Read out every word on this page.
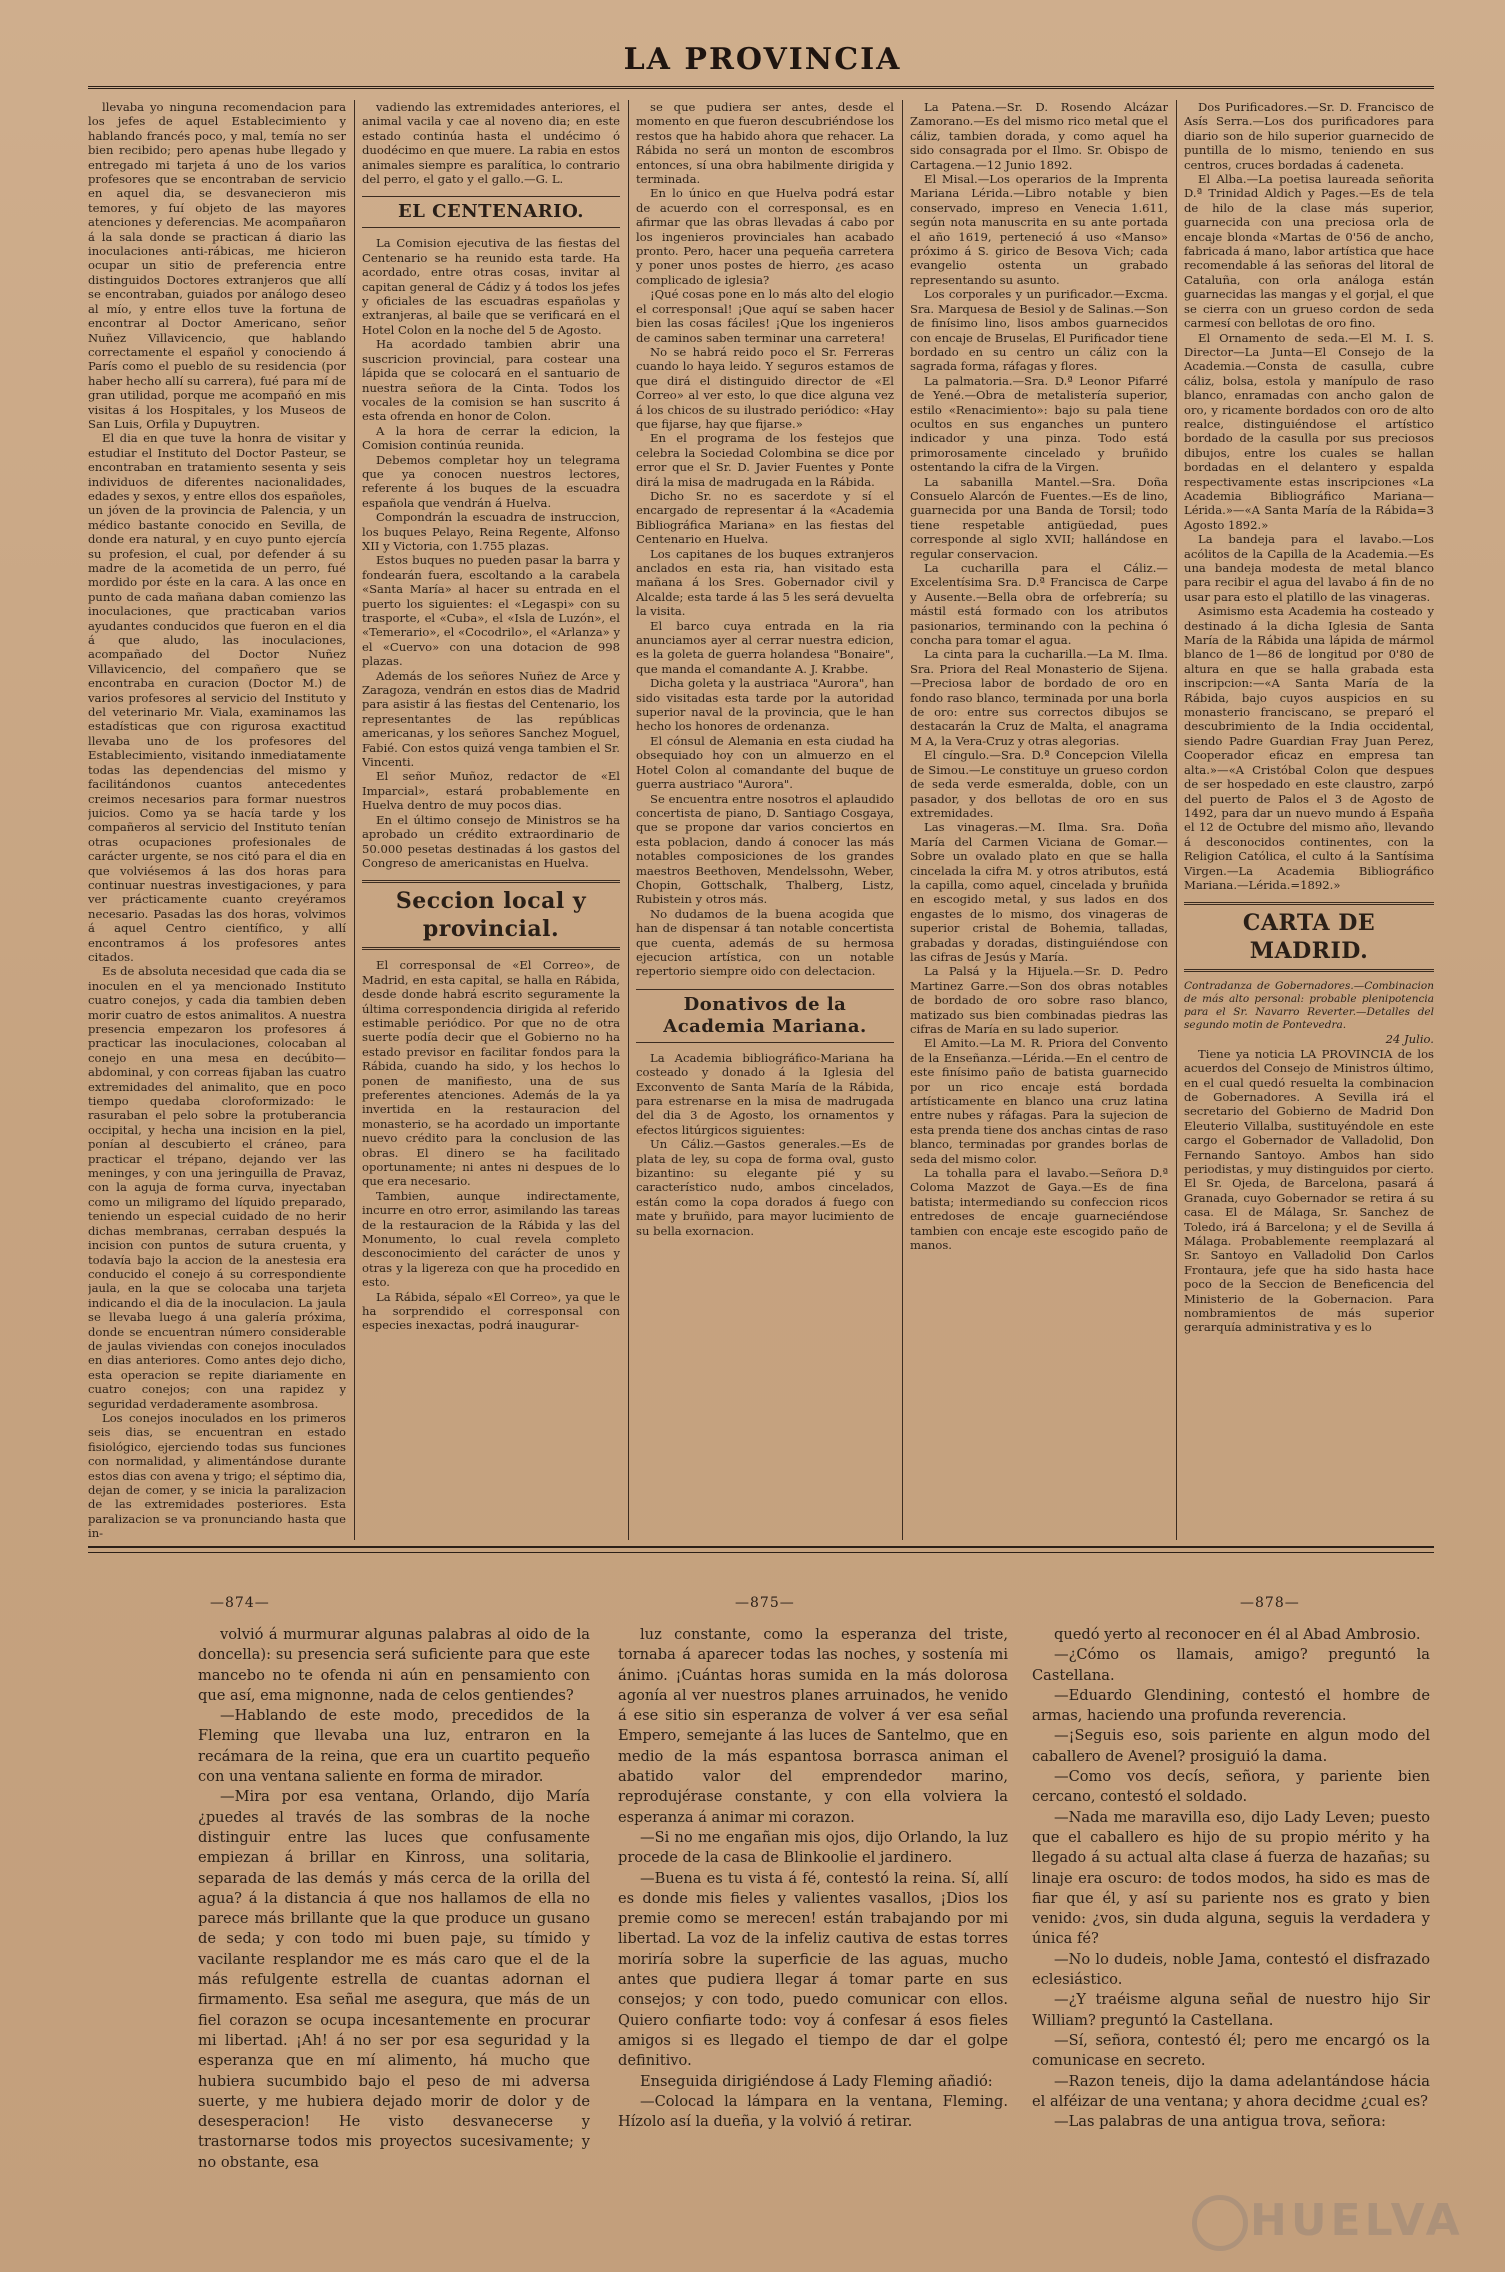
LA PROVINCIA

llevaba yo ninguna recomendacion para los jefes de aquel Establecimiento y hablando francés poco, y mal, temía no ser bien recibido; pero apenas hube llegado y entregado mi tarjeta á uno de los varios profesores que se encontraban de servicio en aquel dia, se desvanecieron mis temores, y fuí objeto de las mayores atenciones y deferencias. Me acompañaron á la sala donde se practican á diario las inoculaciones anti-rábicas, me hicieron ocupar un sitio de preferencia entre distinguidos Doctores extranjeros que allí se encontraban, guiados por análogo deseo al mío, y entre ellos tuve la fortuna de encontrar al Doctor Americano, señor Nuñez Villavicencio, que hablando correctamente el español y conociendo á París como el pueblo de su residencia (por haber hecho allí su carrera), fué para mí de gran utilidad, porque me acompañó en mis visitas á los Hospitales, y los Museos de San Luis, Orfila y Dupuytren.

El dia en que tuve la honra de visitar y estudiar el Instituto del Doctor Pasteur, se encontraban en tratamiento sesenta y seis individuos de diferentes nacionalidades, edades y sexos, y entre ellos dos españoles, un jóven de la provincia de Palencia, y un médico bastante conocido en Sevilla, de donde era natural, y en cuyo punto ejercía su profesion, el cual, por defender á su madre de la acometida de un perro, fué mordido por éste en la cara. A las once en punto de cada mañana daban comienzo las inoculaciones, que practicaban varios ayudantes conducidos que fueron en el dia á que aludo, las inoculaciones, acompañado del Doctor Nuñez Villavicencio, del compañero que se encontraba en curacion (Doctor M.) de varios profesores al servicio del Instituto y del veterinario Mr. Viala, examinamos las estadísticas que con rigurosa exactitud llevaba uno de los profesores del Establecimiento, visitando inmediatamente todas las dependencias del mismo y facilitándonos cuantos antecedentes creimos necesarios para formar nuestros juicios. Como ya se hacía tarde y los compañeros al servicio del Instituto tenían otras ocupaciones profesionales de carácter urgente, se nos citó para el dia en que volviésemos á las dos horas para continuar nuestras investigaciones, y para ver prácticamente cuanto creyéramos necesario. Pasadas las dos horas, volvimos á aquel Centro científico, y allí encontramos á los profesores antes citados.

Es de absoluta necesidad que cada dia se inoculen en el ya mencionado Instituto cuatro conejos, y cada dia tambien deben morir cuatro de estos animalitos. A nuestra presencia empezaron los profesores á practicar las inoculaciones, colocaban al conejo en una mesa en decúbito—abdominal, y con correas fijaban las cuatro extremidades del animalito, que en poco tiempo quedaba cloroformizado: le rasuraban el pelo sobre la protuberancia occipital, y hecha una incision en la piel, ponían al descubierto el cráneo, para practicar el trépano, dejando ver las meninges, y con una jeringuilla de Pravaz, con la aguja de forma curva, inyectaban como un miligramo del líquido preparado, teniendo un especial cuidado de no herir dichas membranas, cerraban después la incision con puntos de sutura cruenta, y todavía bajo la accion de la anestesia era conducido el conejo á su correspondiente jaula, en la que se colocaba una tarjeta indicando el dia de la inoculacion. La jaula se llevaba luego á una galería próxima, donde se encuentran número considerable de jaulas viviendas con conejos inoculados en dias anteriores. Como antes dejo dicho, esta operacion se repite diariamente en cuatro conejos; con una rapidez y seguridad verdaderamente asombrosa.

Los conejos inoculados en los primeros seis dias, se encuentran en estado fisiológico, ejerciendo todas sus funciones con normalidad, y alimentándose durante estos dias con avena y trigo; el séptimo dia, dejan de comer, y se inicia la paralizacion de las extremidades posteriores. Esta paralizacion se va pronunciando hasta que in-

vadiendo las extremidades anteriores, el animal vacila y cae al noveno dia; en este estado continúa hasta el undécimo ó duodécimo en que muere. La rabia en estos animales siempre es paralítica, lo contrario del perro, el gato y el gallo.—G. L.

EL CENTENARIO.

La Comision ejecutiva de las fiestas del Centenario se ha reunido esta tarde. Ha acordado, entre otras cosas, invitar al capitan general de Cádiz y á todos los jefes y oficiales de las escuadras españolas y extranjeras, al baile que se verificará en el Hotel Colon en la noche del 5 de Agosto.

Ha acordado tambien abrir una suscricion provincial, para costear una lápida que se colocará en el santuario de nuestra señora de la Cinta. Todos los vocales de la comision se han suscrito á esta ofrenda en honor de Colon.

A la hora de cerrar la edicion, la Comision continúa reunida.

Debemos completar hoy un telegrama que ya conocen nuestros lectores, referente á los buques de la escuadra española que vendrán á Huelva.

Compondrán la escuadra de instruccion, los buques Pelayo, Reina Regente, Alfonso XII y Victoria, con 1.755 plazas.

Estos buques no pueden pasar la barra y fondearán fuera, escoltando a la carabela «Santa María» al hacer su entrada en el puerto los siguientes: el «Legaspi» con su trasporte, el «Cuba», el «Isla de Luzón», el «Temerario», el «Cocodrilo», el «Arlanza» y el «Cuervo» con una dotacion de 998 plazas.

Además de los señores Nuñez de Arce y Zaragoza, vendrán en estos dias de Madrid para asistir á las fiestas del Centenario, los representantes de las repúblicas americanas, y los señores Sanchez Moguel, Fabié. Con estos quizá venga tambien el Sr. Vincenti.

El señor Muñoz, redactor de «El Imparcial», estará probablemente en Huelva dentro de muy pocos dias.

En el último consejo de Ministros se ha aprobado un crédito extraordinario de 50.000 pesetas destinadas á los gastos del Congreso de americanistas en Huelva.

Seccion local y provincial.

El corresponsal de «El Correo», de Madrid, en esta capital, se halla en Rábida, desde donde habrá escrito seguramente la última correspondencia dirigida al referido estimable periódico. Por que no de otra suerte podía decir que el Gobierno no ha estado previsor en facilitar fondos para la Rábida, cuando ha sido, y los hechos lo ponen de manifiesto, una de sus preferentes atenciones. Además de la ya invertida en la restauracion del monasterio, se ha acordado un importante nuevo crédito para la conclusion de las obras. El dinero se ha facilitado oportunamente; ni antes ni despues de lo que era necesario.

Tambien, aunque indirectamente, incurre en otro error, asimilando las tareas de la restauracion de la Rábida y las del Monumento, lo cual revela completo desconocimiento del carácter de unos y otras y la ligereza con que ha procedido en esto.

La Rábida, sépalo «El Correo», ya que le ha sorprendido el corresponsal con especies inexactas, podrá inaugurar-

se que pudiera ser antes, desde el momento en que fueron descubriéndose los restos que ha habido ahora que rehacer. La Rábida no será un monton de escombros entonces, sí una obra habilmente dirigida y terminada.

En lo único en que Huelva podrá estar de acuerdo con el corresponsal, es en afirmar que las obras llevadas á cabo por los ingenieros provinciales han acabado pronto. Pero, hacer una pequeña carretera y poner unos postes de hierro, ¿es acaso complicado de iglesia?

¡Qué cosas pone en lo más alto del elogio el corresponsal! ¡Que aquí se saben hacer bien las cosas fáciles! ¡Que los ingenieros de caminos saben terminar una carretera!

No se habrá reido poco el Sr. Ferreras cuando lo haya leido. Y seguros estamos de que dirá el distinguido director de «El Correo» al ver esto, lo que dice alguna vez á los chicos de su ilustrado periódico: «Hay que fijarse, hay que fijarse.»

En el programa de los festejos que celebra la Sociedad Colombina se dice por error que el Sr. D. Javier Fuentes y Ponte dirá la misa de madrugada en la Rábida.

Dicho Sr. no es sacerdote y sí el encargado de representar á la «Academia Bibliográfica Mariana» en las fiestas del Centenario en Huelva.

Los capitanes de los buques extranjeros anclados en esta ria, han visitado esta mañana á los Sres. Gobernador civil y Alcalde; esta tarde á las 5 les será devuelta la visita.

El barco cuya entrada en la ria anunciamos ayer al cerrar nuestra edicion, es la goleta de guerra holandesa "Bonaire", que manda el comandante A. J. Krabbe.

Dicha goleta y la austriaca "Aurora", han sido visitadas esta tarde por la autoridad superior naval de la provincia, que le han hecho los honores de ordenanza.

El cónsul de Alemania en esta ciudad ha obsequiado hoy con un almuerzo en el Hotel Colon al comandante del buque de guerra austriaco "Aurora".

Se encuentra entre nosotros el aplaudido concertista de piano, D. Santiago Cosgaya, que se propone dar varios conciertos en esta poblacion, dando á conocer las más notables composiciones de los grandes maestros Beethoven, Mendelssohn, Weber, Chopin, Gottschalk, Thalberg, Listz, Rubistein y otros más.

No dudamos de la buena acogida que han de dispensar á tan notable concertista que cuenta, además de su hermosa ejecucion artística, con un notable repertorio siempre oido con delectacion.

Donativos de la Academia Mariana.

La Academia bibliográfico-Mariana ha costeado y donado á la Iglesia del Exconvento de Santa María de la Rábida, para estrenarse en la misa de madrugada del dia 3 de Agosto, los ornamentos y efectos litúrgicos siguientes:

Un Cáliz.—Gastos generales.—Es de plata de ley, su copa de forma oval, gusto bizantino: su elegante pié y su característico nudo, ambos cincelados, están como la copa dorados á fuego con mate y bruñido, para mayor lucimiento de su bella exornacion.

La Patena.—Sr. D. Rosendo Alcázar Zamorano.—Es del mismo rico metal que el cáliz, tambien dorada, y como aquel ha sido consagrada por el Ilmo. Sr. Obispo de Cartagena.—12 Junio 1892.

El Misal.—Los operarios de la Imprenta Mariana Lérida.—Libro notable y bien conservado, impreso en Venecia 1.611, según nota manuscrita en su ante portada el año 1619, perteneció á uso «Manso» próximo á S. girico de Besova Vich; cada evangelio ostenta un grabado representando su asunto.

Los corporales y un purificador.—Excma. Sra. Marquesa de Besiol y de Salinas.—Son de finísimo lino, lisos ambos guarnecidos con encaje de Bruselas, El Purificador tiene bordado en su centro un cáliz con la sagrada forma, ráfagas y flores.

La palmatoria.—Sra. D.ª Leonor Pifarré de Yené.—Obra de metalistería superior, estilo «Renacimiento»: bajo su pala tiene ocultos en sus enganches un puntero indicador y una pinza. Todo está primorosamente cincelado y bruñido ostentando la cifra de la Virgen.

La sabanilla Mantel.—Sra. Doña Consuelo Alarcón de Fuentes.—Es de lino, guarnecida por una Banda de Torsil; todo tiene respetable antigüedad, pues corresponde al siglo XVII; hallándose en regular conservacion.

La cucharilla para el Cáliz.—Excelentísima Sra. D.ª Francisca de Carpe y Ausente.—Bella obra de orfebrería; su mástil está formado con los atributos pasionarios, terminando con la pechina ó concha para tomar el agua.

La cinta para la cucharilla.—La M. Ilma. Sra. Priora del Real Monasterio de Sijena.—Preciosa labor de bordado de oro en fondo raso blanco, terminada por una borla de oro: entre sus correctos dibujos se destacarán la Cruz de Malta, el anagrama M A, la Vera-Cruz y otras alegorias.

El cíngulo.—Sra. D.ª Concepcion Vilella de Simou.—Le constituye un grueso cordon de seda verde esmeralda, doble, con un pasador, y dos bellotas de oro en sus extremidades.

Las vinageras.—M. Ilma. Sra. Doña María del Carmen Viciana de Gomar.—Sobre un ovalado plato en que se halla cincelada la cifra M. y otros atributos, está la capilla, como aquel, cincelada y bruñida en escogido metal, y sus lados en dos engastes de lo mismo, dos vinageras de superior cristal de Bohemia, talladas, grabadas y doradas, distinguiéndose con las cifras de Jesús y María.

La Palsá y la Hijuela.—Sr. D. Pedro Martinez Garre.—Son dos obras notables de bordado de oro sobre raso blanco, matizado sus bien combinadas piedras las cifras de María en su lado superior.

El Amito.—La M. R. Priora del Convento de la Enseñanza.—Lérida.—En el centro de este finísimo paño de batista guarnecido por un rico encaje está bordada artísticamente en blanco una cruz latina entre nubes y ráfagas. Para la sujecion de esta prenda tiene dos anchas cintas de raso blanco, terminadas por grandes borlas de seda del mismo color.

La tohalla para el lavabo.—Señora D.ª Coloma Mazzot de Gaya.—Es de fina batista; intermediando su confeccion ricos entredoses de encaje guarneciéndose tambien con encaje este escogido paño de manos.

Dos Purificadores.—Sr. D. Francisco de Asís Serra.—Los dos purificadores para diario son de hilo superior guarnecido de puntilla de lo mismo, teniendo en sus centros, cruces bordadas á cadeneta.

El Alba.—La poetisa laureada señorita D.ª Trinidad Aldich y Pages.—Es de tela de hilo de la clase más superior, guarnecida con una preciosa orla de encaje blonda «Martas de 0'56 de ancho, fabricada á mano, labor artística que hace recomendable á las señoras del litoral de Cataluña, con orla análoga están guarnecidas las mangas y el gorjal, el que se cierra con un grueso cordon de seda carmesí con bellotas de oro fino.

El Ornamento de seda.—El M. I. S. Director—La Junta—El Consejo de la Academia.—Consta de casulla, cubre cáliz, bolsa, estola y manípulo de raso blanco, enramadas con ancho galon de oro, y ricamente bordados con oro de alto realce, distinguiéndose el artístico bordado de la casulla por sus preciosos dibujos, entre los cuales se hallan bordadas en el delantero y espalda respectivamente estas inscripciones «La Academia Bibliográfico Mariana—Lérida.»—«A Santa María de la Rábida=3 Agosto 1892.»

La bandeja para el lavabo.—Los acólitos de la Capilla de la Academia.—Es una bandeja modesta de metal blanco para recibir el agua del lavabo á fin de no usar para esto el platillo de las vinageras.

Asimismo esta Academia ha costeado y destinado á la dicha Iglesia de Santa María de la Rábida una lápida de mármol blanco de 1—86 de longitud por 0'80 de altura en que se halla grabada esta inscripcion:—«A Santa María de la Rábida, bajo cuyos auspicios en su monasterio franciscano, se preparó el descubrimiento de la India occidental, siendo Padre Guardian Fray Juan Perez, Cooperador eficaz en empresa tan alta.»—«A Cristóbal Colon que despues de ser hospedado en este claustro, zarpó del puerto de Palos el 3 de Agosto de 1492, para dar un nuevo mundo á España el 12 de Octubre del mismo año, llevando á desconocidos continentes, con la Religion Católica, el culto á la Santísima Virgen.—La Academia Bibliográfico Mariana.—Lérida.=1892.»

CARTA DE MADRID.

Contradanza de Gobernadores.—Combinacion de más alto personal: probable plenipotencia para el Sr. Navarro Reverter.—Detalles del segundo motin de Pontevedra.

24 Julio.

Tiene ya noticia LA PROVINCIA de los acuerdos del Consejo de Ministros último, en el cual quedó resuelta la combinacion de Gobernadores. A Sevilla irá el secretario del Gobierno de Madrid Don Eleuterio Villalba, sustituyéndole en este cargo el Gobernador de Valladolid, Don Fernando Santoyo. Ambos han sido periodistas, y muy distinguidos por cierto. El Sr. Ojeda, de Barcelona, pasará á Granada, cuyo Gobernador se retira á su casa. El de Málaga, Sr. Sanchez de Toledo, irá á Barcelona; y el de Sevilla á Málaga. Probablemente reemplazará al Sr. Santoyo en Valladolid Don Carlos Frontaura, jefe que ha sido hasta hace poco de la Seccion de Beneficencia del Ministerio de la Gobernacion. Para nombramientos de más superior gerarquía administrativa y es lo

—874—	—875—	—878—

volvió á murmurar algunas palabras al oido de la doncella): su presencia será suficiente para que este mancebo no te ofenda ni aún en pensamiento con que así, ema mignonne, nada de celos gentiendes?

—Hablando de este modo, precedidos de la Fleming que llevaba una luz, entraron en la recámara de la reina, que era un cuartito pequeño con una ventana saliente en forma de mirador.

—Mira por esa ventana, Orlando, dijo María ¿puedes al través de las sombras de la noche distinguir entre las luces que confusamente empiezan á brillar en Kinross, una solitaria, separada de las demás y más cerca de la orilla del agua? á la distancia á que nos hallamos de ella no parece más brillante que la que produce un gusano de seda; y con todo mi buen paje, su tímido y vacilante resplandor me es más caro que el de la más refulgente estrella de cuantas adornan el firmamento. Esa señal me asegura, que más de un fiel corazon se ocupa incesantemente en procurar mi libertad. ¡Ah! á no ser por esa seguridad y la esperanza que en mí alimento, há mucho que hubiera sucumbido bajo el peso de mi adversa suerte, y me hubiera dejado morir de dolor y de desesperacion! He visto desvanecerse y trastornarse todos mis proyectos sucesivamente; y no obstante, esa

luz constante, como la esperanza del triste, tornaba á aparecer todas las noches, y sostenía mi ánimo. ¡Cuántas horas sumida en la más dolorosa agonía al ver nuestros planes arruinados, he venido á ese sitio sin esperanza de volver á ver esa señal Empero, semejante á las luces de Santelmo, que en medio de la más espantosa borrasca animan el abatido valor del emprendedor marino, reprodujérase constante, y con ella volviera la esperanza á animar mi corazon.

—Si no me engañan mis ojos, dijo Orlando, la luz procede de la casa de Blinkoolie el jardinero.

—Buena es tu vista á fé, contestó la reina. Sí, allí es donde mis fieles y valientes vasallos, ¡Dios los premie como se merecen! están trabajando por mi libertad. La voz de la infeliz cautiva de estas torres moriría sobre la superficie de las aguas, mucho antes que pudiera llegar á tomar parte en sus consejos; y con todo, puedo comunicar con ellos. Quiero confiarte todo: voy á confesar á esos fieles amigos si es llegado el tiempo de dar el golpe definitivo.

Enseguida dirigiéndose á Lady Fleming añadió:

—Colocad la lámpara en la ventana, Fleming. Hízolo así la dueña, y la volvió á retirar.

quedó yerto al reconocer en él al Abad Ambrosio.

—¿Cómo os llamais, amigo? preguntó la Castellana.

—Eduardo Glendining, contestó el hombre de armas, haciendo una profunda reverencia.

—¡Seguis eso, sois pariente en algun modo del caballero de Avenel? prosiguió la dama.

—Como vos decís, señora, y pariente bien cercano, contestó el soldado.

—Nada me maravilla eso, dijo Lady Leven; puesto que el caballero es hijo de su propio mérito y ha llegado á su actual alta clase á fuerza de hazañas; su linaje era oscuro: de todos modos, ha sido es mas de fiar que él, y así su pariente nos es grato y bien venido: ¿vos, sin duda alguna, seguis la verdadera y única fé?

—No lo dudeis, noble Jama, contestó el disfrazado eclesiástico.

—¿Y traéisme alguna señal de nuestro hijo Sir William? preguntó la Castellana.

—Sí, señora, contestó él; pero me encargó os la comunicase en secreto.

—Razon teneis, dijo la dama adelantándose hácia el alféizar de una ventana; y ahora decidme ¿cual es?

—Las palabras de una antigua trova, señora:

HUELVA
